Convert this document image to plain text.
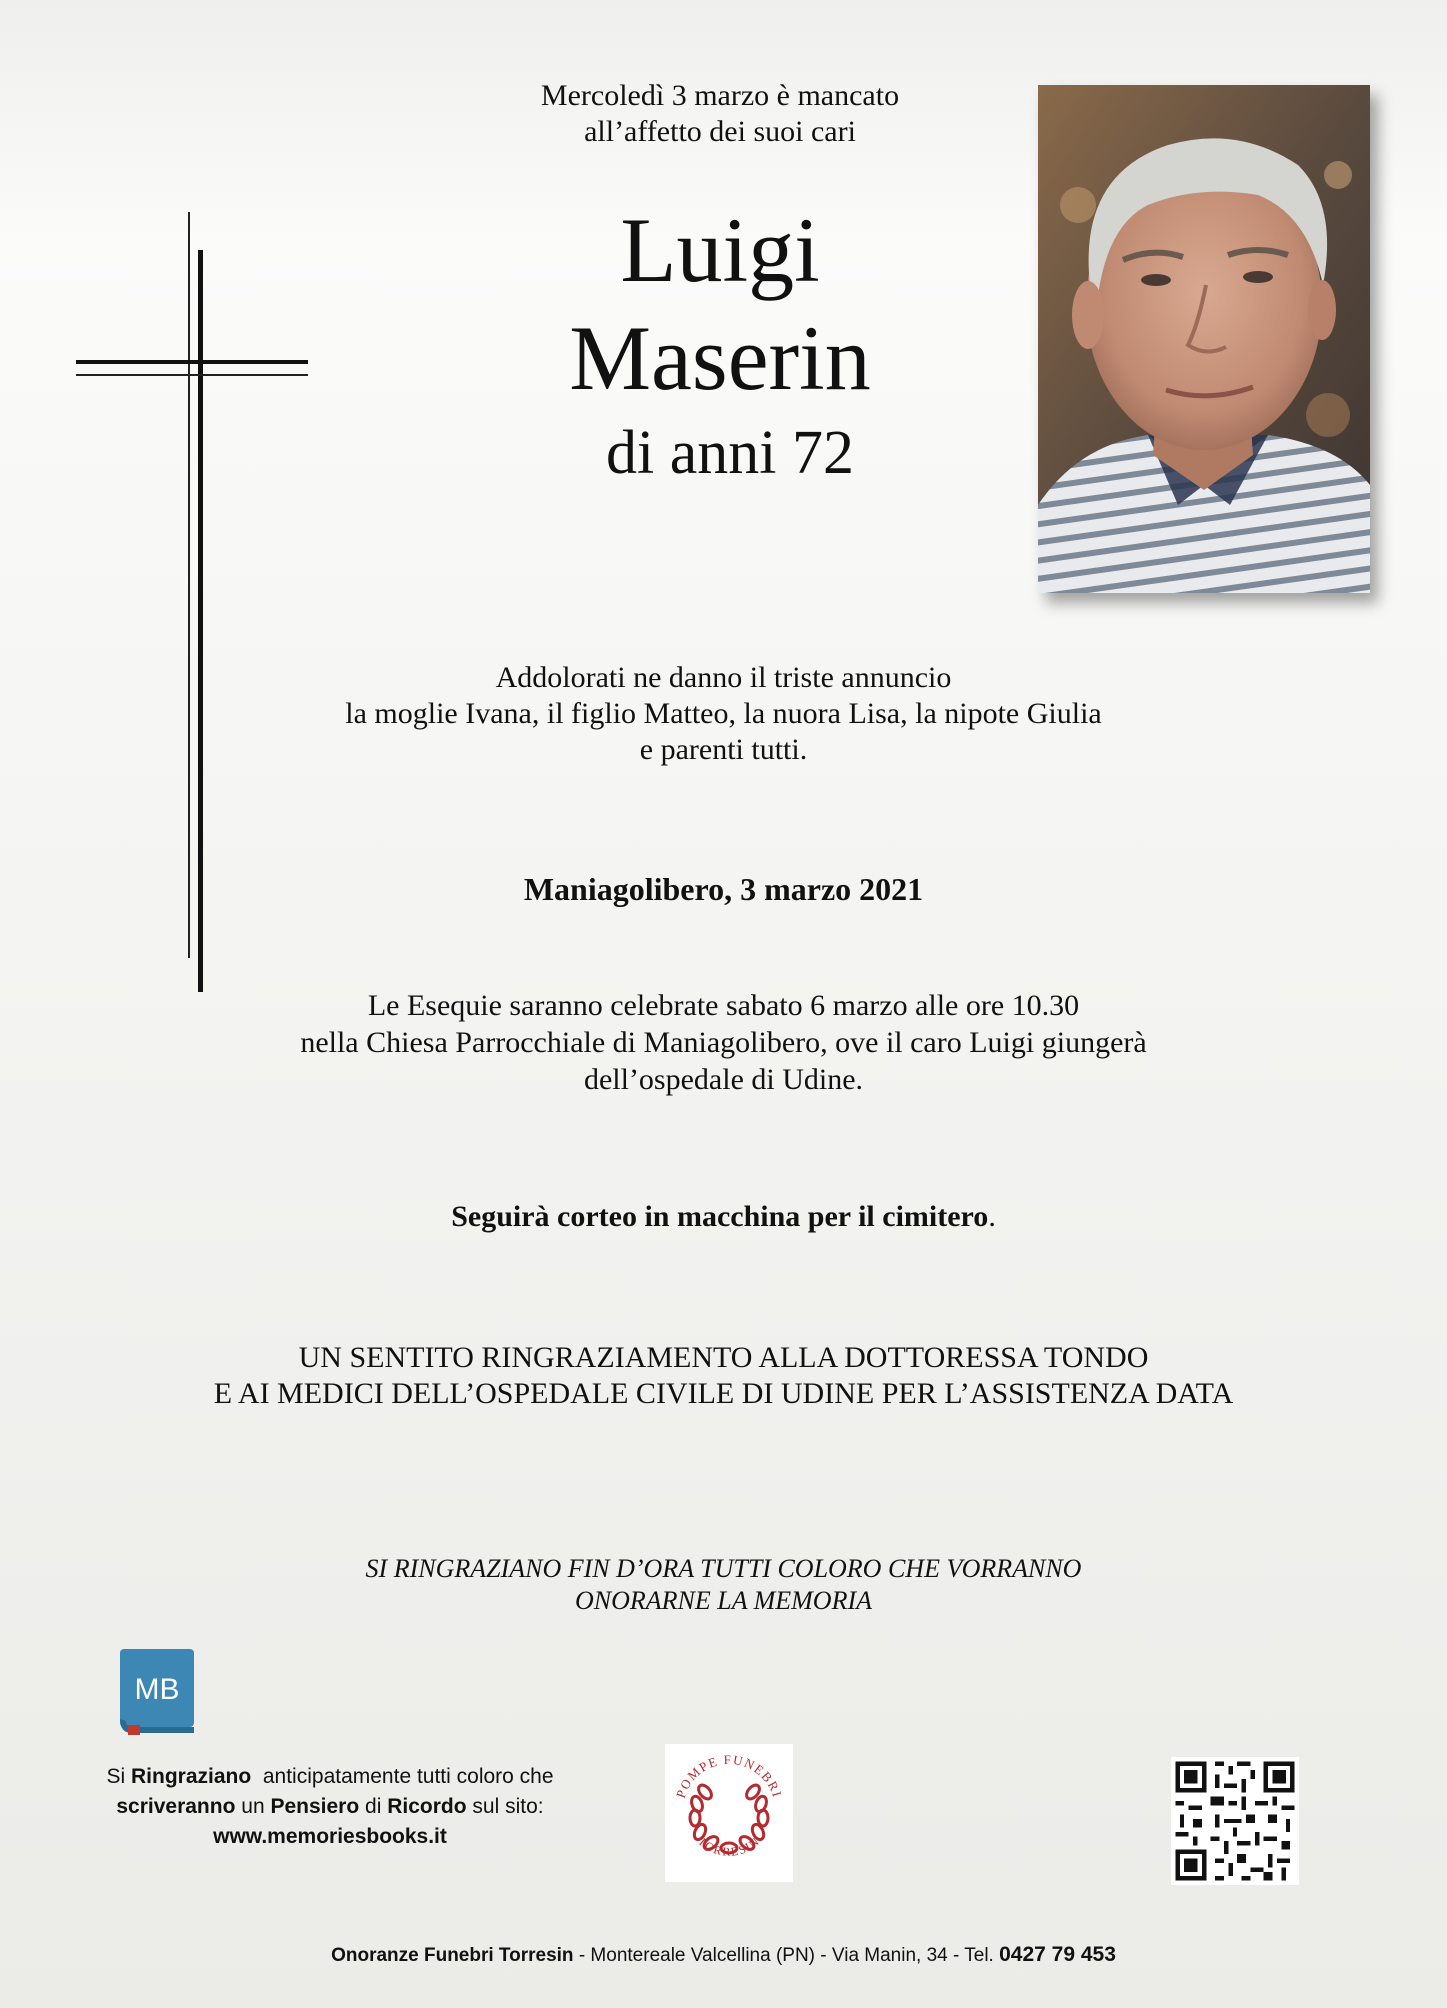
Mercoledì 3 marzo è mancato
all’affetto dei suoi cari
Luigi
Maserin
di anni 72
Addolorati ne danno il triste annuncio
la moglie Ivana, il figlio Matteo, la nuora Lisa, la nipote Giulia
e parenti tutti.
Maniagolibero, 3 marzo 2021
Le Esequie saranno celebrate sabato 6 marzo alle ore 10.30
nella Chiesa Parrocchiale di Maniagolibero, ove il caro Luigi giungerà
dell’ospedale di Udine.
Seguirà corteo in macchina per il cimitero.
UN SENTITO RINGRAZIAMENTO ALLA DOTTORESSA TONDO
E AI MEDICI DELL’OSPEDALE CIVILE DI UDINE PER L’ASSISTENZA DATA
SI RINGRAZIANO FIN D’ORA TUTTI COLORO CHE VORRANNO
ONORARNE LA MEMORIA
MB
Si Ringraziano anticipatamente tutti coloro che
scriveranno un Pensiero di Ricordo sul sito:
www.memoriesbooks.it
POMPE FUNEBRI
TORRESIN
Onoranze Funebri Torresin - Montereale Valcellina (PN) - Via Manin, 34 - Tel. 0427 79 453
